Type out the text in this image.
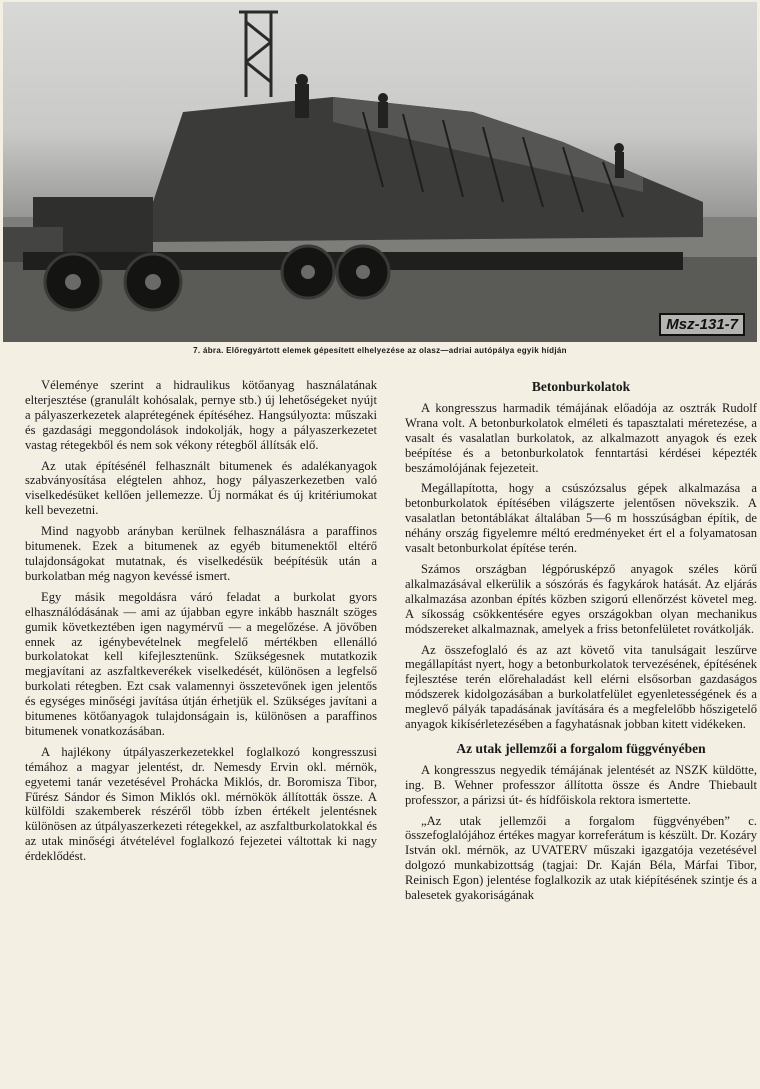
Msz-131-7
7. ábra. Előregyártott elemek gépesített elhelyezése az olasz—adriai autópálya egyik hídján

Véleménye szerint a hidraulikus kötőanyag használatának elterjesztése (granulált kohósalak, pernye stb.) új lehetőségeket nyújt a pályaszerkezetek alaprétegének építéséhez. Hangsúlyozta: műszaki és gazdasági meggondolások indokolják, hogy a pályaszerkezetet vastag rétegekből és nem sok vékony rétegből állítsák elő.

Az utak építésénél felhasznált bitumenek és adalékanyagok szabványosítása elégtelen ahhoz, hogy pályaszerkezetben való viselkedésüket kellően jellemezze. Új normákat és új kritériumokat kell bevezetni.

Mind nagyobb arányban kerülnek felhasználásra a paraffinos bitumenek. Ezek a bitumenek az egyéb bitumenektől eltérő tulajdonságokat mutatnak, és viselkedésük beépítésük után a burkolatban még nagyon kevéssé ismert.

Egy másik megoldásra váró feladat a burkolat gyors elhasználódásának — ami az újabban egyre inkább használt szöges gumik következtében igen nagymérvű — a megelőzése. A jövőben ennek az igénybevételnek megfelelő mértékben ellenálló burkolatokat kell kifejlesztenünk. Szükségesnek mutatkozik megjavítani az aszfaltkeverékek viselkedését, különösen a legfelső burkolati rétegben. Ezt csak valamennyi összetevőnek igen jelentős és egységes minőségi javítása útján érhetjük el. Szükséges javítani a bitumenes kötőanyagok tulajdonságain is, különösen a paraffinos bitumenek vonatkozásában.

A hajlékony útpályaszerkezetekkel foglalkozó kongresszusi témához a magyar jelentést, dr. Nemesdy Ervin okl. mérnök, egyetemi tanár vezetésével Prohácka Miklós, dr. Boromisza Tibor, Fűrész Sándor és Simon Miklós okl. mérnökök állították össze. A külföldi szakemberek részéről több ízben értékelt jelentésnek különösen az útpályaszerkezeti rétegekkel, az aszfaltburkolatokkal és az utak minőségi átvételével foglalkozó fejezetei váltottak ki nagy érdeklődést.

Betonburkolatok

A kongresszus harmadik témájának előadója az osztrák Rudolf Wrana volt. A betonburkolatok elméleti és tapasztalati méretezése, a vasalt és vasalatlan burkolatok, az alkalmazott anyagok és ezek beépítése és a betonburkolatok fenntartási kérdései képezték beszámolójának fejezeteit.

Megállapította, hogy a csúszózsalus gépek alkalmazása a betonburkolatok építésében világszerte jelentősen növekszik. A vasalatlan betontáblákat általában 5—6 m hosszúságban építik, de néhány ország figyelemre méltó eredményeket ért el a folyamatosan vasalt betonburkolat építése terén.

Számos országban légpórusképző anyagok széles körű alkalmazásával elkerülik a sószórás és fagykárok hatását. Az eljárás alkalmazása azonban építés közben szigorú ellenőrzést követel meg. A síkosság csökkentésére egyes országokban olyan mechanikus módszereket alkalmaznak, amelyek a friss betonfelületet rovátkolják.

Az összefoglaló és az azt követő vita tanulságait leszűrve megállapítást nyert, hogy a betonburkolatok tervezésének, építésének fejlesztése terén előrehaladást kell elérni elsősorban gazdaságos módszerek kidolgozásában a burkolatfelület egyenletességének és a meglevő pályák tapadásának javítására és a megfelelőbb hőszigetelő anyagok kikísérletezésében a fagyhatásnak jobban kitett vidékeken.

Az utak jellemzői a forgalom függvényében

A kongresszus negyedik témájának jelentését az NSZK küldötte, ing. B. Wehner professzor állította össze és Andre Thiebault professzor, a párizsi út- és hídfőiskola rektora ismertette.

„Az utak jellemzői a forgalom függvényében” c. összefoglalójához értékes magyar korreferátum is készült. Dr. Kozáry István okl. mérnök, az UVATERV műszaki igazgatója vezetésével dolgozó munkabizottság (tagjai: Dr. Kaján Béla, Márfai Tibor, Reinisch Egon) jelentése foglalkozik az utak kiépítésének szintje és a balesetek gyakoriságának
